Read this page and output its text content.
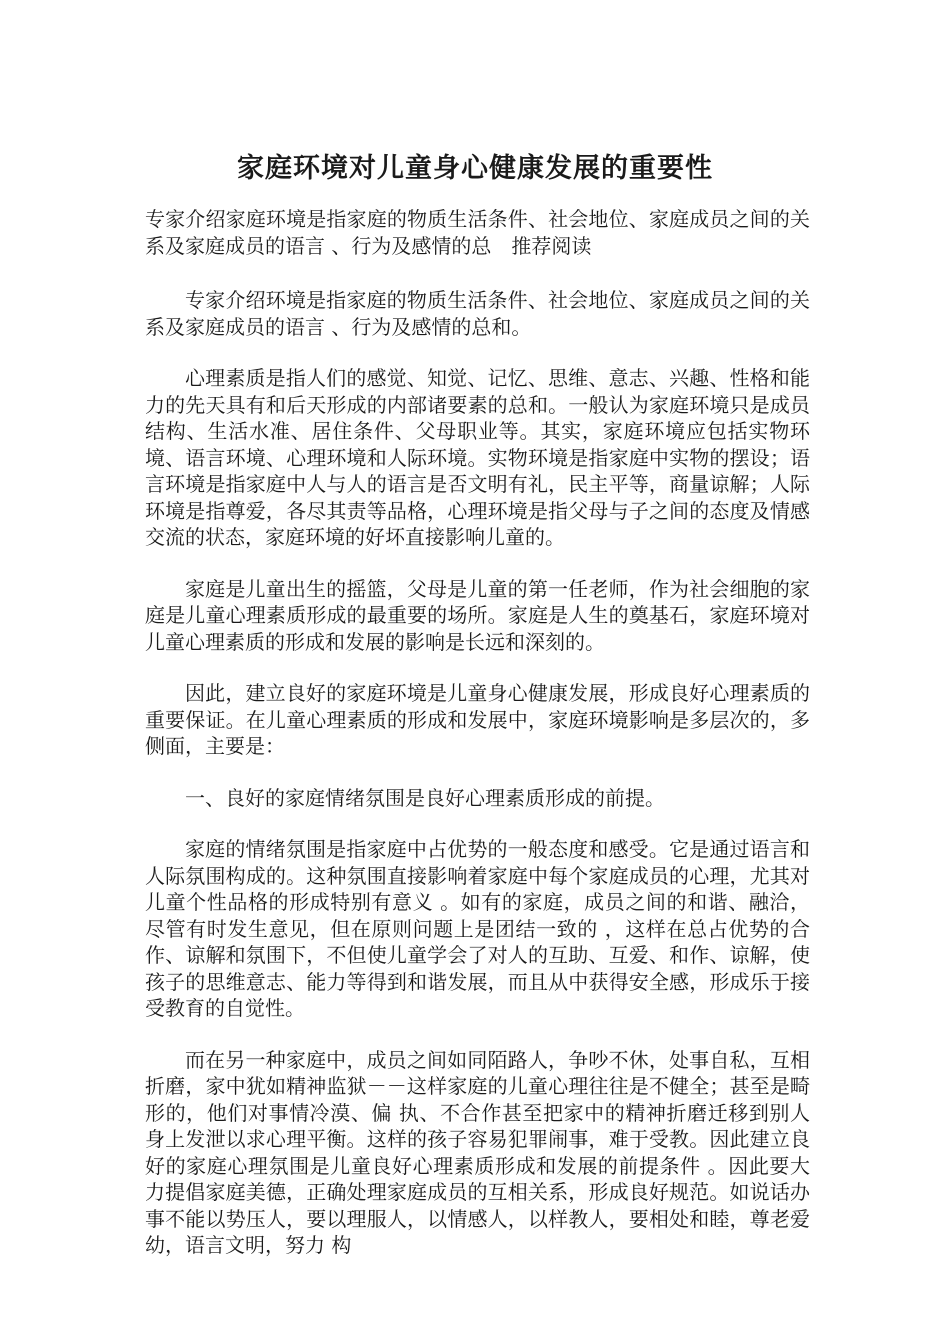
家庭环境对儿童身心健康发展的重要性

专家介绍家庭环境是指家庭的物质生活条件、社会地位、家庭成员之间的关系及家庭成员的语言 、行为及感情的总　推荐阅读

专家介绍环境是指家庭的物质生活条件、社会地位、家庭成员之间的关系及家庭成员的语言 、行为及感情的总和。

心理素质是指人们的感觉、知觉、记忆、思维、意志、兴趣、性格和能力的先天具有和后天形成的内部诸要素的总和。一般认为家庭环境只是成员结构、生活水准、居住条件、父母职业等。其实，家庭环境应包括实物环境、语言环境、心理环境和人际环境。实物环境是指家庭中实物的摆设；语言环境是指家庭中人与人的语言是否文明有礼，民主平等，商量谅解；人际环境是指尊爱，各尽其责等品格，心理环境是指父母与子之间的态度及情感交流的状态，家庭环境的好坏直接影响儿童的。

家庭是儿童出生的摇篮，父母是儿童的第一任老师，作为社会细胞的家庭是儿童心理素质形成的最重要的场所。家庭是人生的奠基石，家庭环境对儿童心理素质的形成和发展的影响是长远和深刻的。

因此，建立良好的家庭环境是儿童身心健康发展，形成良好心理素质的重要保证。在儿童心理素质的形成和发展中，家庭环境影响是多层次的，多侧面，主要是：

一、良好的家庭情绪氛围是良好心理素质形成的前提。

家庭的情绪氛围是指家庭中占优势的一般态度和感受。它是通过语言和人际氛围构成的。这种氛围直接影响着家庭中每个家庭成员的心理，尤其对儿童个性品格的形成特别有意义 。如有的家庭，成员之间的和谐、融洽，尽管有时发生意见，但在原则问题上是团结一致的 ，这样在总占优势的合作、谅解和氛围下，不但使儿童学会了对人的互助、互爱、和作、谅解，使孩子的思维意志、能力等得到和谐发展，而且从中获得安全感，形成乐于接受教育的自觉性。

而在另一种家庭中，成员之间如同陌路人，争吵不休，处事自私，互相折磨，家中犹如精神监狱－－这样家庭的儿童心理往往是不健全；甚至是畸形的，他们对事情冷漠、偏 执、不合作甚至把家中的精神折磨迁移到别人身上发泄以求心理平衡。这样的孩子容易犯罪闹事，难于受教。因此建立良好的家庭心理氛围是儿童良好心理素质形成和发展的前提条件 。因此要大力提倡家庭美德，正确处理家庭成员的互相关系，形成良好规范。如说话办事不能以势压人，要以理服人，以情感人，以样教人，要相处和睦，尊老爱幼，语言文明，努力 构
